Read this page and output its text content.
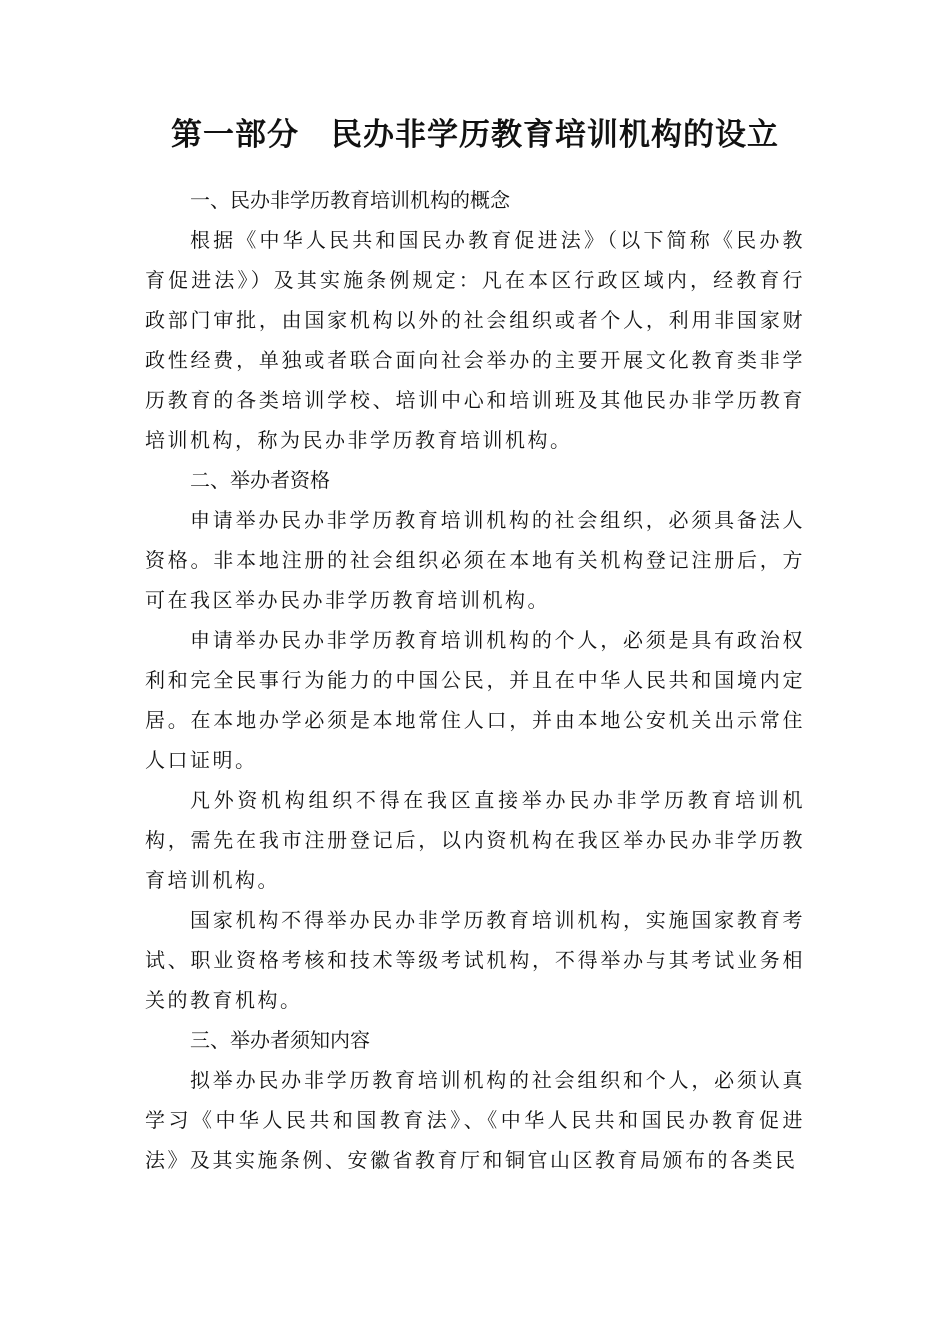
第一部分　民办非学历教育培训机构的设立
一、民办非学历教育培训机构的概念
根据《中华人民共和国民办教育促进法》（以下简称《民办教育促进法》）及其实施条例规定：凡在本区行政区域内，经教育行政部门审批，由国家机构以外的社会组织或者个人，利用非国家财政性经费，单独或者联合面向社会举办的主要开展文化教育类非学历教育的各类培训学校、培训中心和培训班及其他民办非学历教育培训机构，称为民办非学历教育培训机构。
二、举办者资格
申请举办民办非学历教育培训机构的社会组织，必须具备法人资格。非本地注册的社会组织必须在本地有关机构登记注册后，方可在我区举办民办非学历教育培训机构。
申请举办民办非学历教育培训机构的个人，必须是具有政治权利和完全民事行为能力的中国公民，并且在中华人民共和国境内定居。在本地办学必须是本地常住人口，并由本地公安机关出示常住人口证明。
凡外资机构组织不得在我区直接举办民办非学历教育培训机构，需先在我市注册登记后，以内资机构在我区举办民办非学历教育培训机构。
国家机构不得举办民办非学历教育培训机构，实施国家教育考试、职业资格考核和技术等级考试机构，不得举办与其考试业务相关的教育机构。
三、举办者须知内容
拟举办民办非学历教育培训机构的社会组织和个人，必须认真学习《中华人民共和国教育法》、《中华人民共和国民办教育促进法》及其实施条例、安徽省教育厅和铜官山区教育局颁布的各类民
